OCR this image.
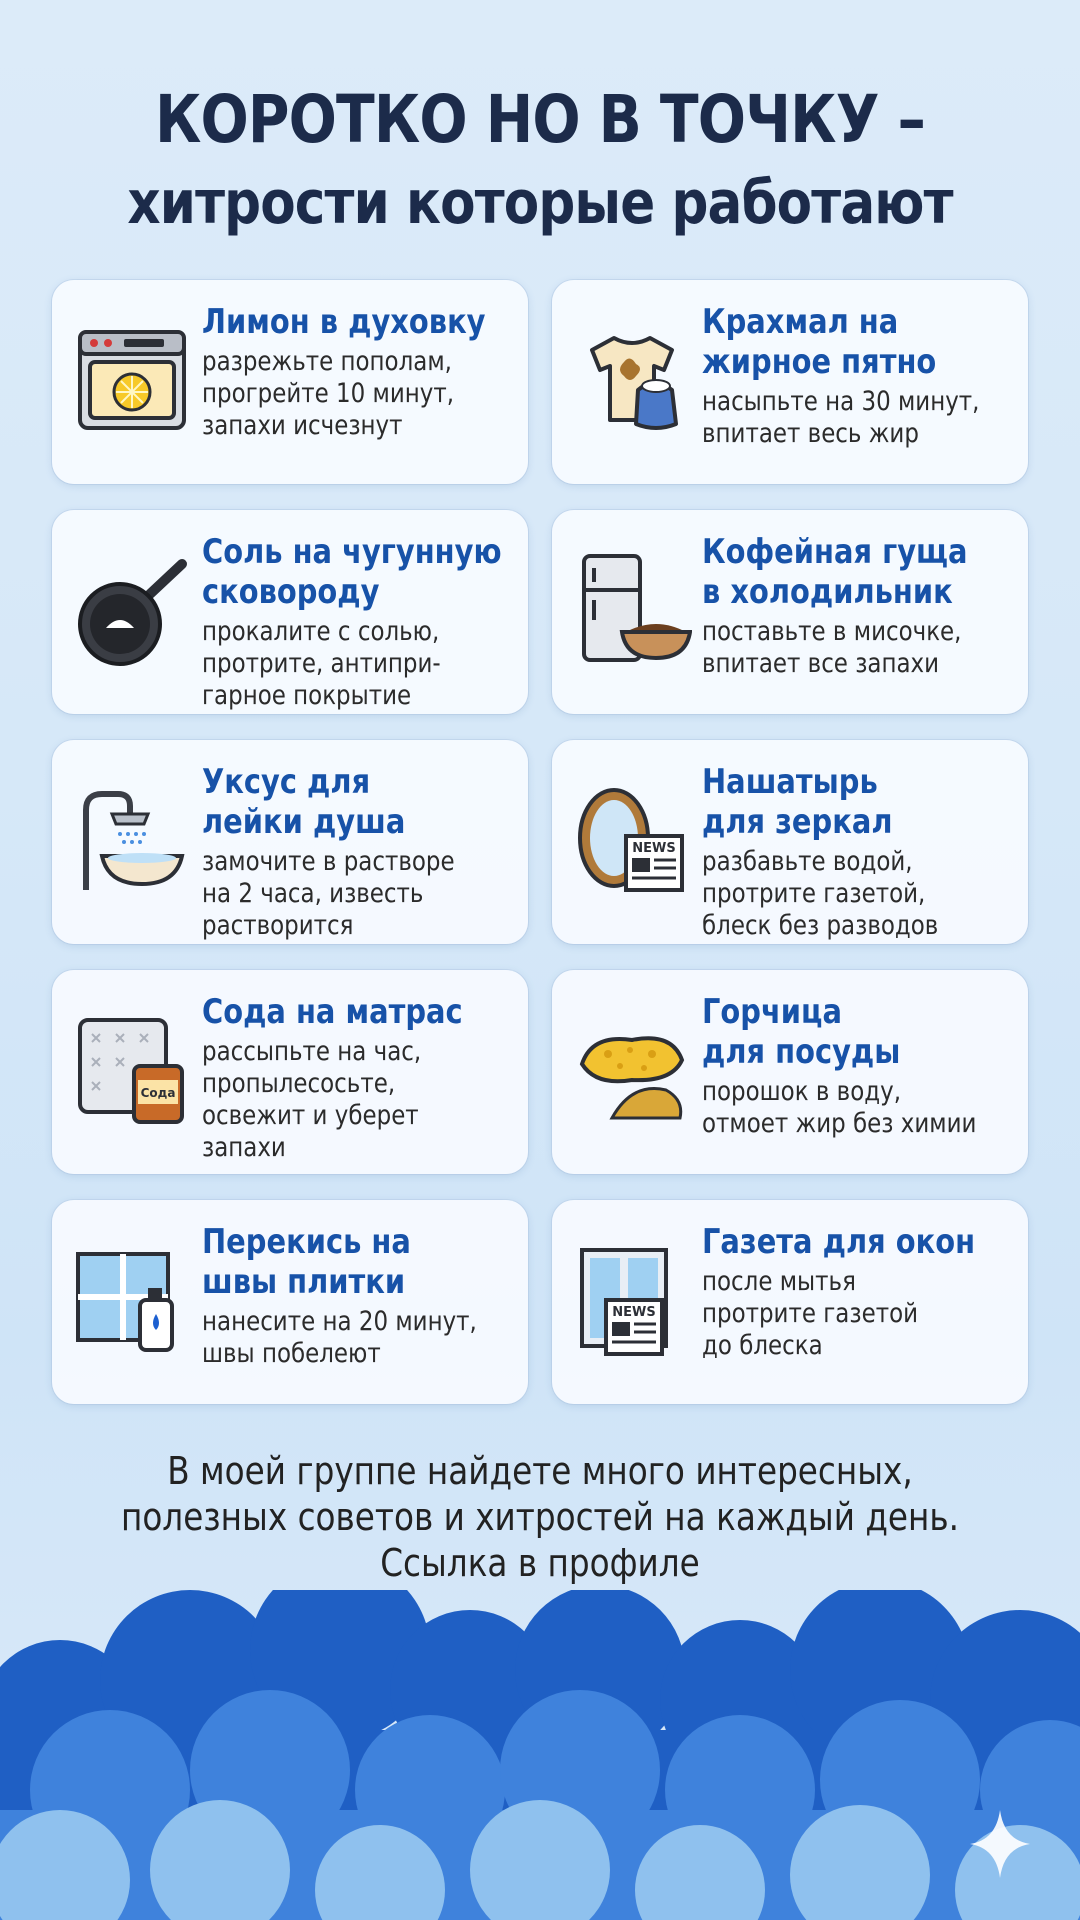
КОРОТКО НО В ТОЧКУ –
хитрости которые работают
Лимон в духовку
разрежьте пополам,
прогрейте 10 минут,
запахи исчезнут
Крахмал на
жирное пятно
насыпьте на 30 минут,
впитает весь жир
Соль на чугунную
сковороду
прокалите с солью,
протрите, антипри-
гарное покрытие
Кофейная гуща
в холодильник
поставьте в мисочке,
впитает все запахи
Уксус для
лейки душа
замочите в растворе
на 2 часа, известь
растворится
NEWS
Нашатырь
для зеркал
разбавьте водой,
протрите газетой,
блеск без разводов
Сода
Сода на матрас
рассыпьте на час,
пропылесосьте,
освежит и уберет
запахи
Горчица
для посуды
порошок в воду,
отмоет жир без химии
Перекись на
швы плитки
нанесите на 20 минут,
швы побелеют
NEWS
Газета для окон
после мытья
протрите газетой
до блеска
В моей группе найдете много интересных,
полезных советов и хитростей на каждый день.
Ссылка в профиле
